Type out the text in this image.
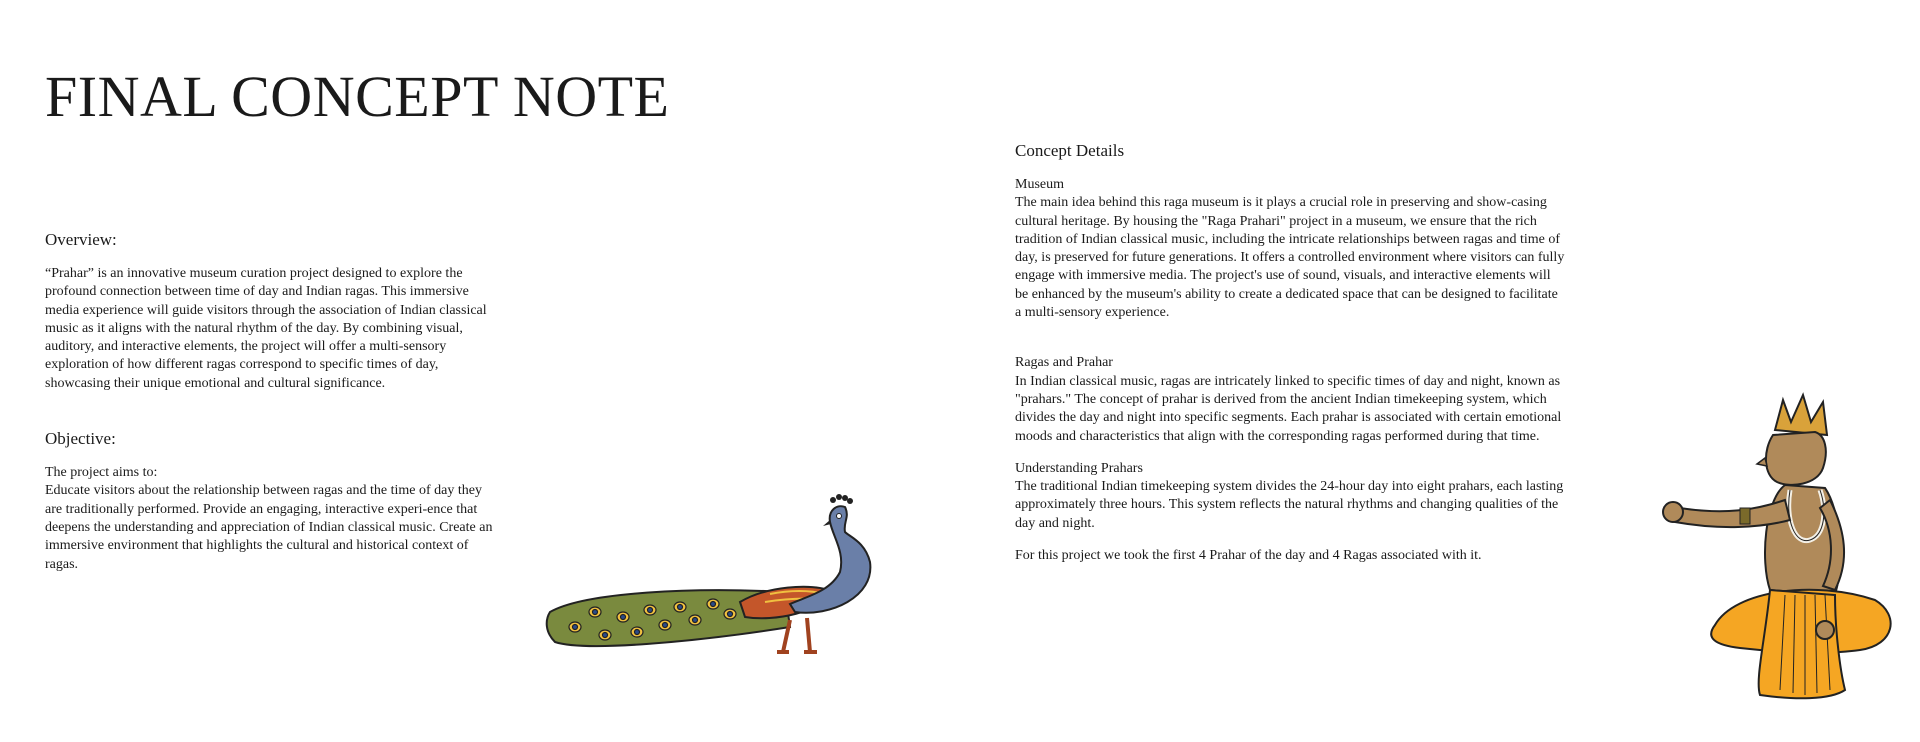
FINAL CONCEPT NOTE

Overview:

“Prahar” is an innovative museum curation project designed to explore the profound connection between time of day and Indian ragas. This immersive media experience will guide visitors through the association of Indian classical music as it aligns with the natural rhythm of the day. By combining visual, auditory, and interactive elements, the project will offer a multi-sensory exploration of how different ragas correspond to specific times of day, showcasing their unique emotional and cultural significance.

Objective:

The project aims to:

Educate visitors about the relationship between ragas and the time of day they are traditionally performed. Provide an engaging, interactive experi-ence that deepens the understanding and appreciation of Indian classical music. Create an immersive environment that highlights the cultural and historical context of ragas.

Concept Details

Museum

The main idea behind this raga museum is it plays a crucial role in preserving and show-casing cultural heritage. By housing the "Raga Prahari" project in a museum, we ensure that the rich tradition of Indian classical music, including the intricate relationships between ragas and time of day, is preserved for future generations. It offers a controlled environment where visitors can fully engage with immersive media. The project's use of sound, visuals, and interactive elements will be enhanced by the museum's ability to create a dedicated space that can be designed to facilitate a multi-sensory experience.

Ragas and Prahar

In Indian classical music, ragas are intricately linked to specific times of day and night, known as "prahars." The concept of prahar is derived from the ancient Indian timekeeping system, which divides the day and night into specific segments. Each prahar is associated with certain emotional moods and characteristics that align with the corresponding ragas performed during that time.

Understanding Prahars

The traditional Indian timekeeping system divides the 24-hour day into eight prahars, each lasting approximately three hours. This system reflects the natural rhythms and changing qualities of the day and night.

For this project we took the first 4 Prahar of the day and 4 Ragas associated with it.
